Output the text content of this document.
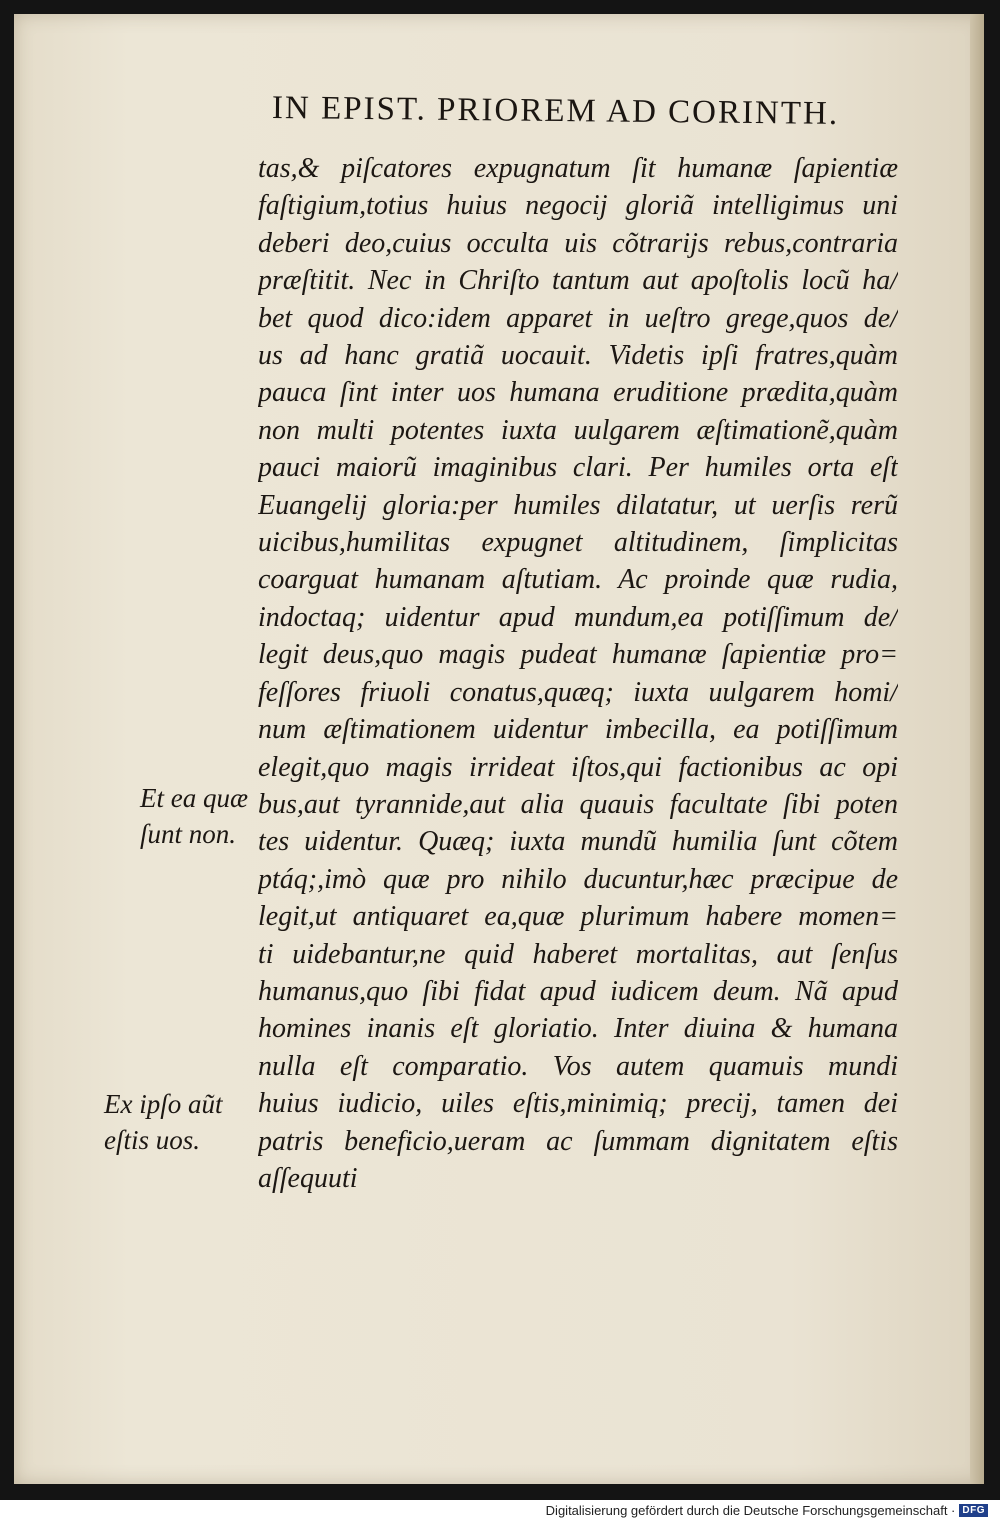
IN EPIST. PRIOREM AD CORINTH.
tas,& piſcatores expugnatum ſit humanæ ſapientiæ
faſtigium,totius huius negocij gloriã intelligimus uni
deberi deo,cuius occulta uis cõtrarijs rebus,contraria
præſtitit. Nec in Chriſto tantum aut apoſtolis locũ ha/
bet quod dico:idem apparet in ueſtro grege,quos de/
us ad hanc gratiã uocauit. Videtis ipſi fratres,quàm
pauca ſint inter uos humana eruditione prædita,quàm
non multi potentes iuxta uulgarem æſtimationẽ,quàm
pauci maiorũ imaginibus clari. Per humiles orta eſt
Euangelij gloria:per humiles dilatatur, ut uerſis rerũ
uicibus,humilitas expugnet altitudinem, ſimplicitas
coarguat humanam aſtutiam. Ac proinde quæ rudia,
indoctaq; uidentur apud mundum,ea potiſſimum de/
legit deus,quo magis pudeat humanæ ſapientiæ pro=
feſſores friuoli conatus,quæq; iuxta uulgarem homi/
num æſtimationem uidentur imbecilla, ea potiſſimum
elegit,quo magis irrideat iſtos,qui factionibus ac opi
bus,aut tyrannide,aut alia quauis facultate ſibi poten
tes uidentur. Quæq; iuxta mundũ humilia ſunt cõtem
ptáq;,imò quæ pro nihilo ducuntur,hæc præcipue de
legit,ut antiquaret ea,quæ plurimum habere momen=
ti uidebantur,ne quid haberet mortalitas, aut ſenſus
humanus,quo ſibi fidat apud iudicem deum. Nã apud
homines inanis eſt gloriatio. Inter diuina & humana
nulla eſt comparatio. Vos autem quamuis mundi
huius iudicio, uiles eſtis,minimiq; precij, tamen dei
patris beneficio,ueram ac ſummam dignitatem eſtis
aſſequuti
Et ea quæ
ſunt non.
Ex ipſo aũt
eſtis uos.
Digitalisierung gefördert durch die Deutsche Forschungsgemeinschaft · DFG
